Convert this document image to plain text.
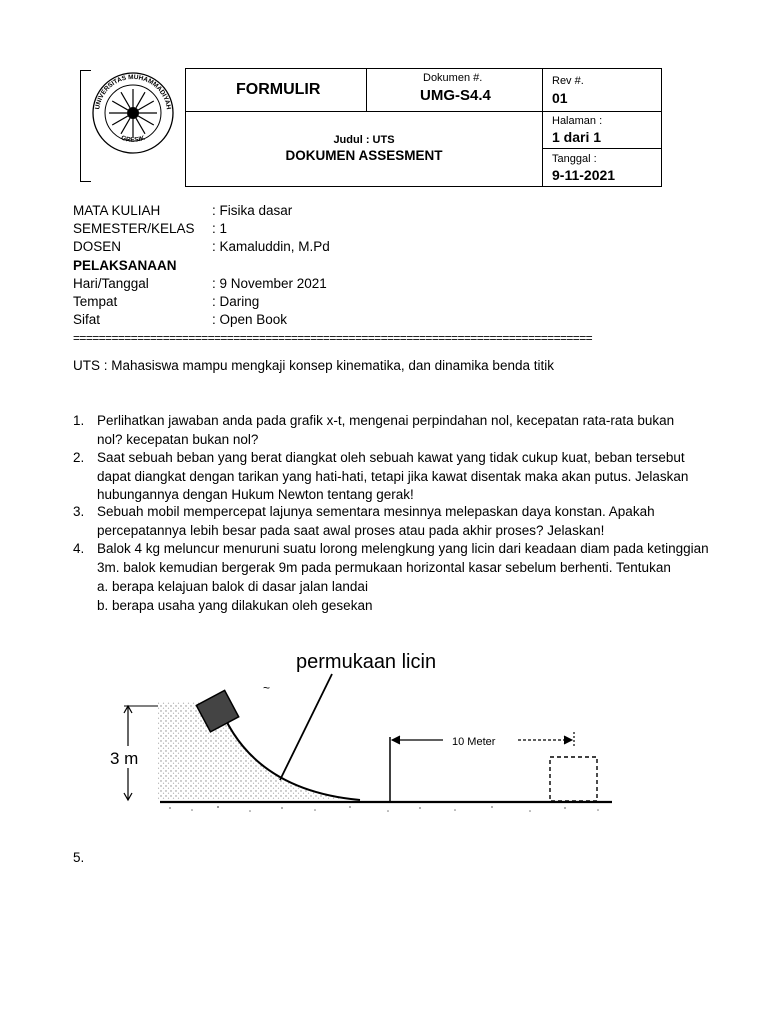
UNIVERSITAS MUHAMMADIYAH
GRESIK
FORMULIR
Dokumen #.
UMG-S4.4
Rev #.
01
Judul : UTS
DOKUMEN ASSESMENT
Halaman :
1 dari 1
Tanggal :
9-11-2021
MATA KULIAH	: Fisika dasar
SEMESTER/KELAS : 1
DOSEN	: Kamaluddin, M.Pd
PELAKSANAAN
Hari/Tanggal	: 9 November 2021
Tempat	: Daring
Sifat	: Open Book
=================================================================================
UTS : Mahasiswa mampu mengkaji konsep kinematika, dan dinamika benda titik
1. Perlihatkan jawaban anda pada grafik x-t, mengenai perpindahan nol, kecepatan rata-rata bukan nol? kecepatan bukan nol?
2. Saat sebuah beban yang berat diangkat oleh sebuah kawat yang tidak cukup kuat, beban tersebut dapat diangkat dengan tarikan yang hati-hati, tetapi jika kawat disentak maka akan putus. Jelaskan hubungannya dengan Hukum Newton tentang gerak!
3. Sebuah mobil mempercepat lajunya sementara mesinnya melepaskan daya konstan. Apakah percepatannya lebih besar pada saat awal proses atau pada akhir proses? Jelaskan!
4. Balok 4 kg meluncur menuruni suatu lorong melengkung yang licin dari keadaan diam pada ketinggian
3m. balok kemudian bergerak 9m pada permukaan horizontal kasar sebelum berhenti. Tentukan
a. berapa kelajuan balok di dasar jalan landai
b. berapa usaha yang dilakukan oleh gesekan
~
permukaan licin
3 m
10 Meter
5.
